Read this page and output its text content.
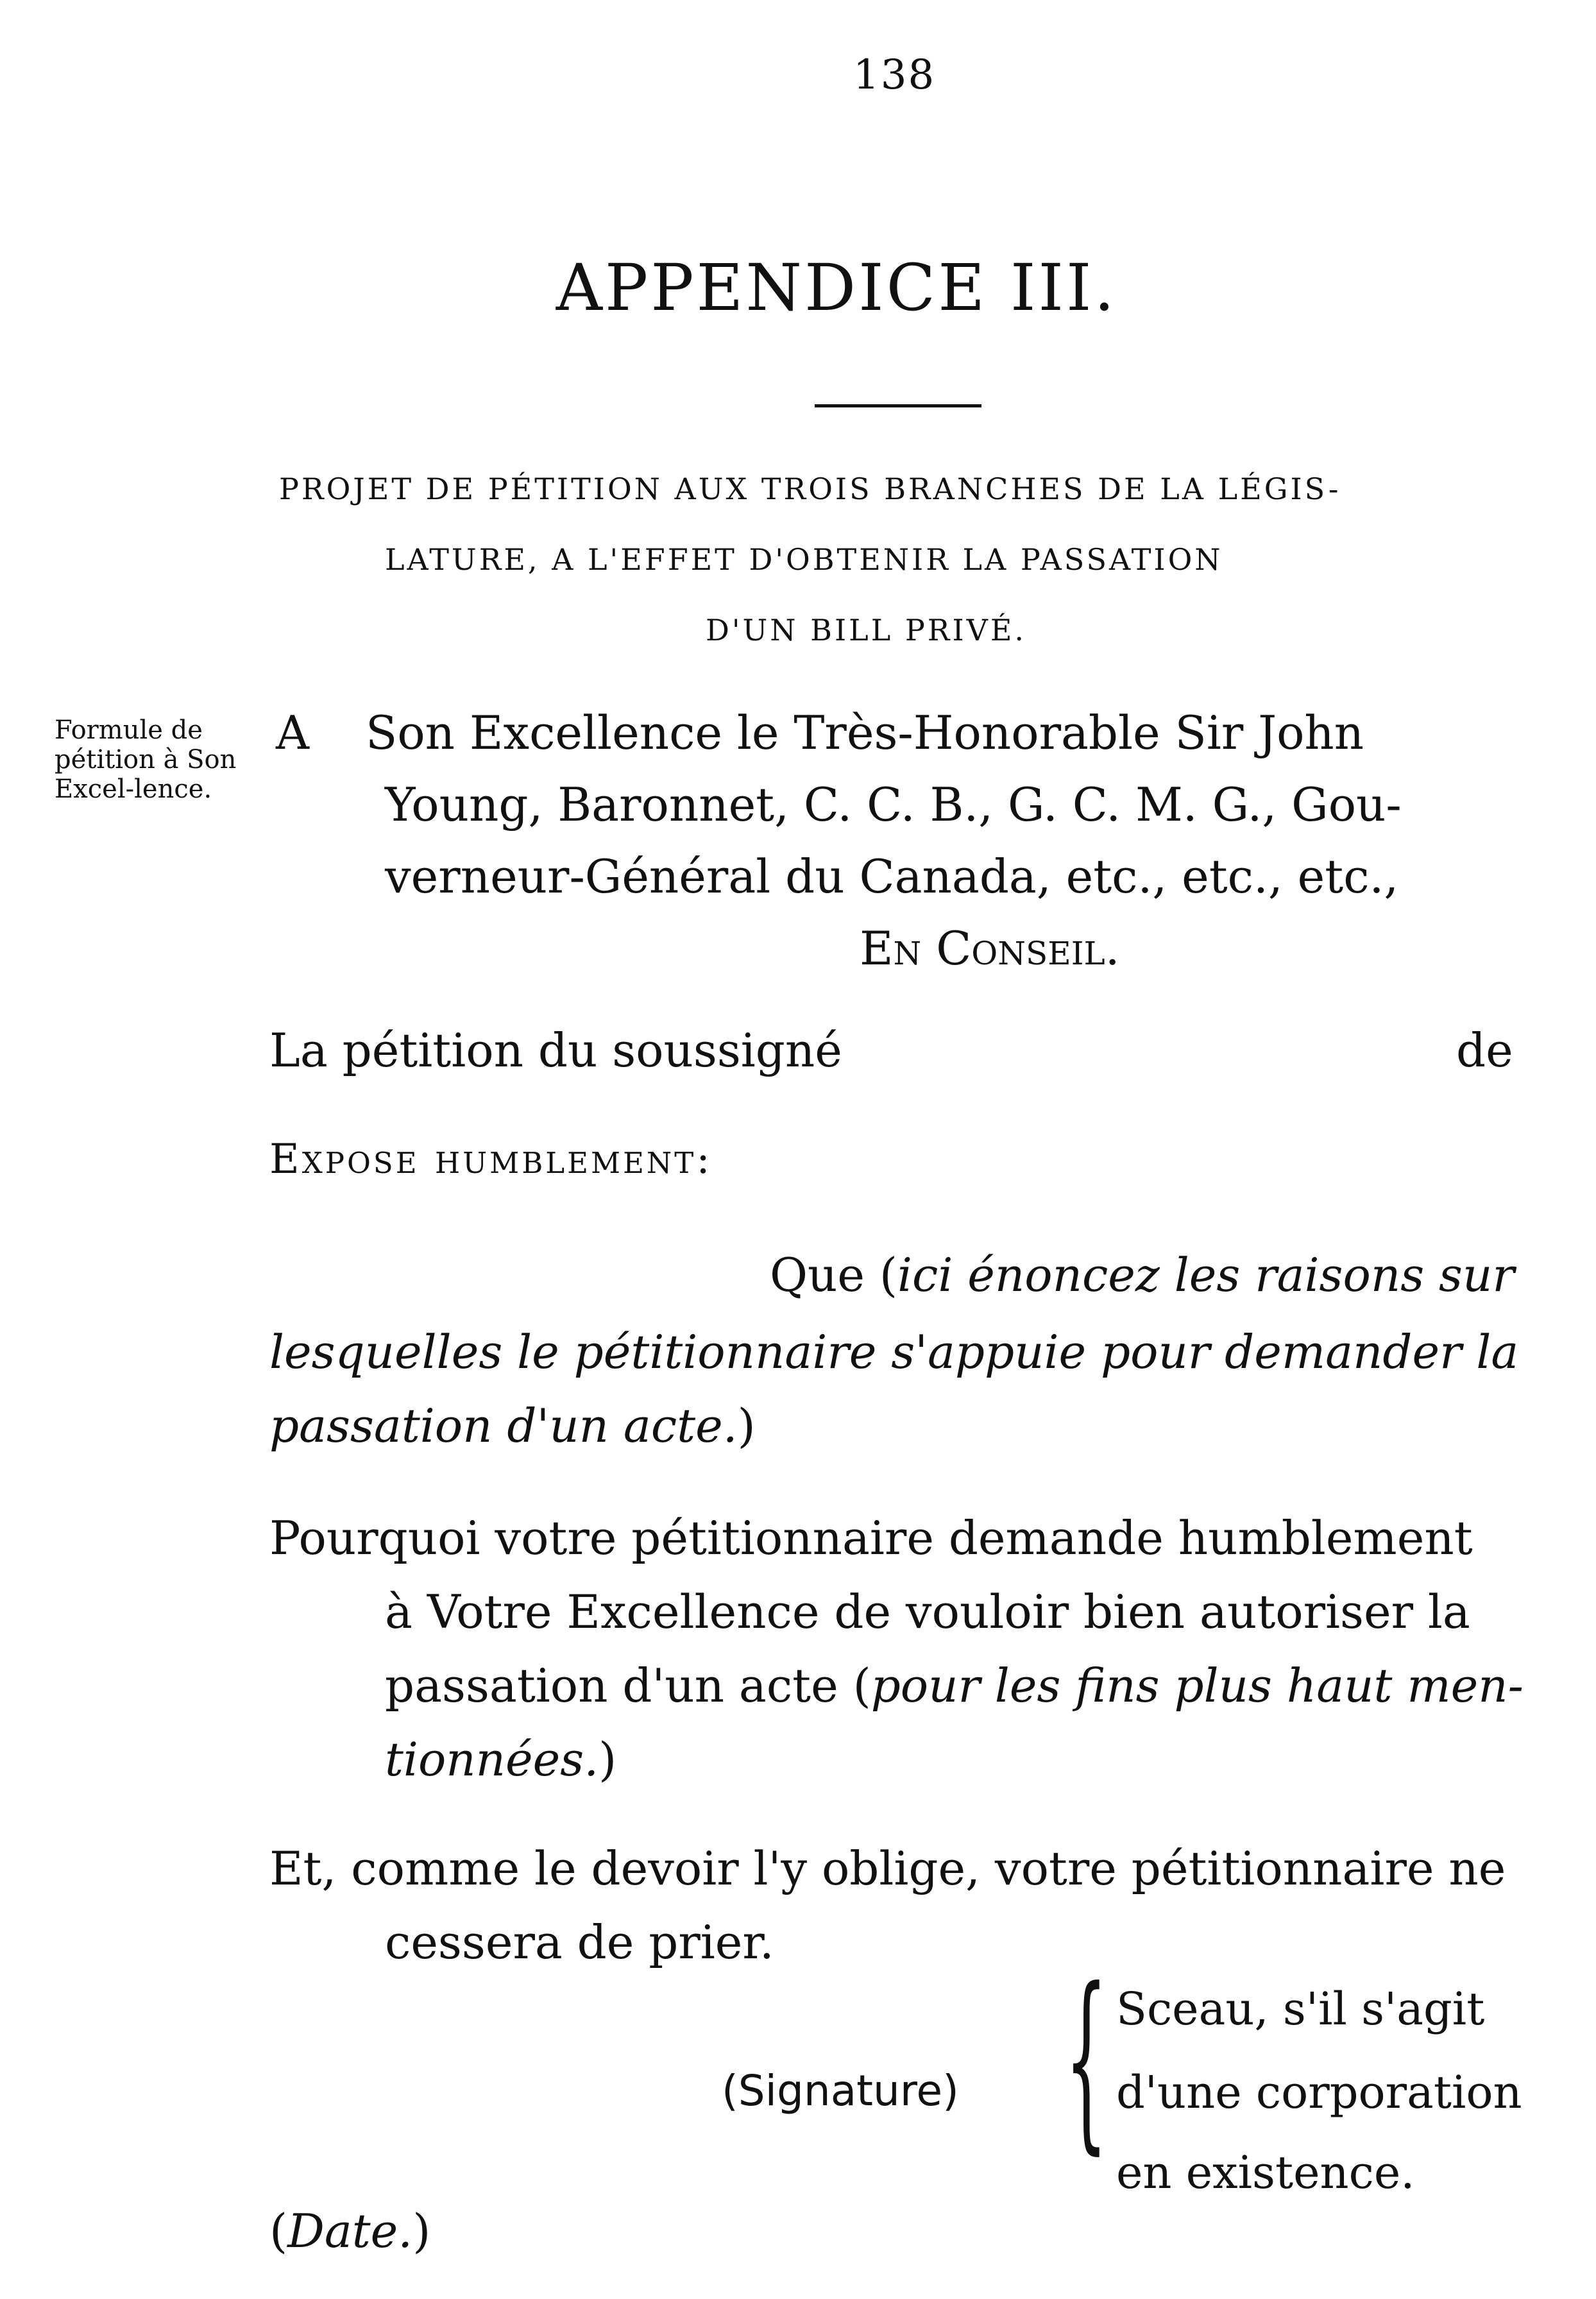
138
APPENDICE III.
PROJET DE PÉTITION AUX TROIS BRANCHES DE LA LÉGIS-
LATURE, A L'EFFET D'OBTENIR LA PASSATION
D'UN BILL PRIVÉ.
Formule de pétition à Son Excel-lence.
A Son Excellence le Très-Honorable Sir John
Young, Baronnet, C. C. B., G. C. M. G., Gou-
verneur-Général du Canada, etc., etc., etc.,
En Conseil.
La pétition du soussigné	de
Expose humblement:
Que (ici énoncez les raisons sur
lesquelles le pétitionnaire s'appuie pour demander la
passation d'un acte.)
Pourquoi votre pétitionnaire demande humblement
à Votre Excellence de vouloir bien autoriser la
passation d'un acte (pour les fins plus haut men-
tionnées.)
Et, comme le devoir l'y oblige, votre pétitionnaire ne
cessera de prier.
(Signature) { Sceau, s'il s'agit
d'une corporation
en existence.
(Date.)
